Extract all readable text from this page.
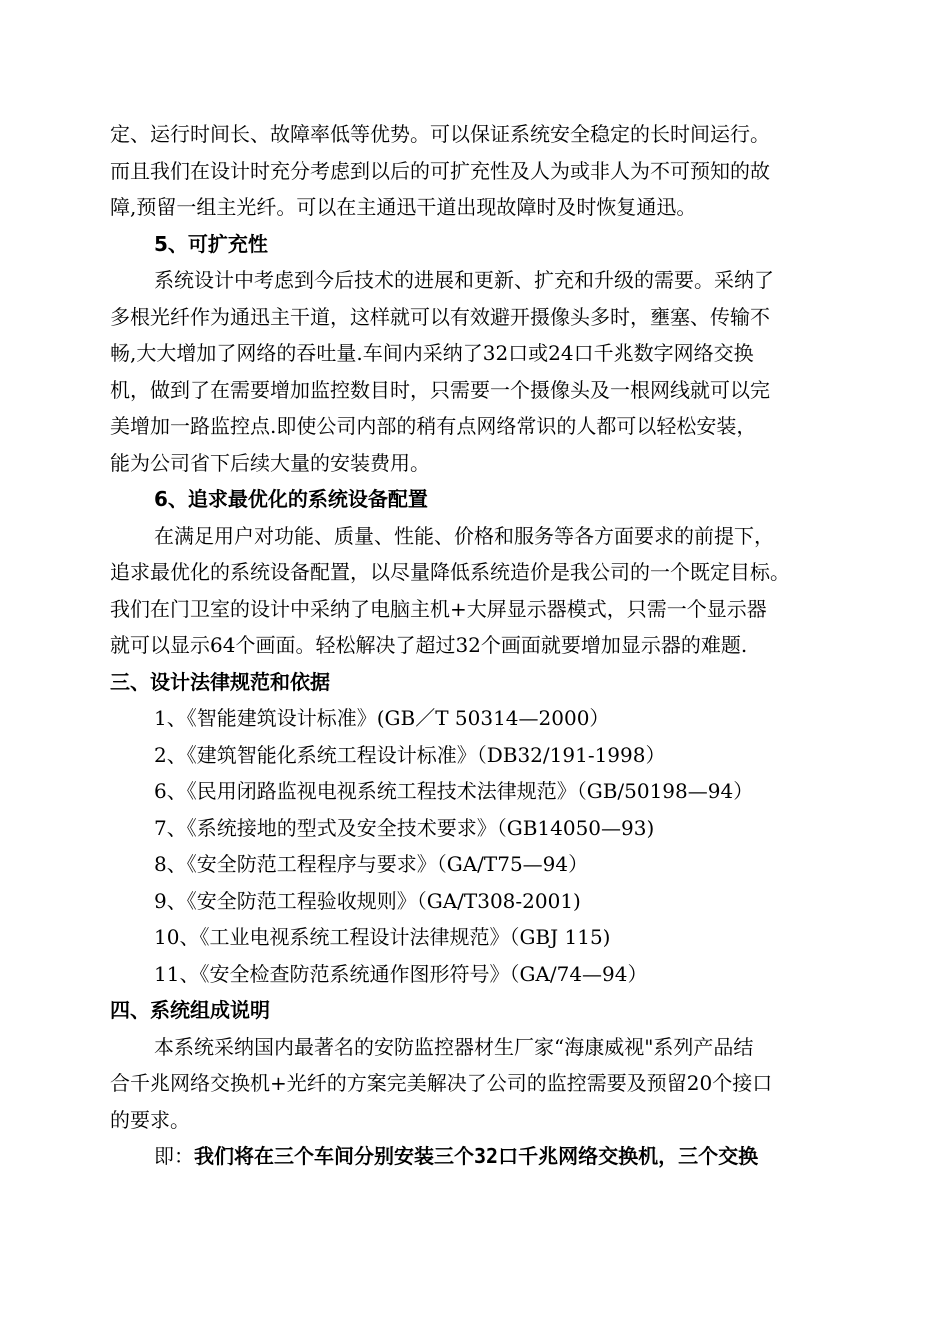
定、运行时间长、故障率低等优势。可以保证系统安全稳定的长时间运行。
而且我们在设计时充分考虑到以后的可扩充性及人为或非人为不可预知的故
障,预留一组主光纤。可以在主通迅干道出现故障时及时恢复通迅。
5、可扩充性
系统设计中考虑到今后技术的进展和更新、扩充和升级的需要。采纳了
多根光纤作为通迅主干道，这样就可以有效避开摄像头多时，壅塞、传输不
畅,大大增加了网络的吞吐量.车间内采纳了32口或24口千兆数字网络交换
机，做到了在需要增加监控数目时，只需要一个摄像头及一根网线就可以完
美增加一路监控点.即使公司内部的稍有点网络常识的人都可以轻松安装，
能为公司省下后续大量的安装费用。
6、追求最优化的系统设备配置
在满足用户对功能、质量、性能、价格和服务等各方面要求的前提下，
追求最优化的系统设备配置，以尽量降低系统造价是我公司的一个既定目标。
我们在门卫室的设计中采纳了电脑主机+大屏显示器模式，只需一个显示器
就可以显示64个画面。轻松解决了超过32个画面就要增加显示器的难题.
三、设计法律规范和依据
1、《智能建筑设计标准》(GB／T 50314—2000）
2、《建筑智能化系统工程设计标准》（DB32/191-1998）
6、《民用闭路监视电视系统工程技术法律规范》（GB/50198—94）
7、《系统接地的型式及安全技术要求》（GB14050—93)
8、《安全防范工程程序与要求》（GA/T75—94）
9、《安全防范工程验收规则》（GA/T308-2001)
10、《工业电视系统工程设计法律规范》（GBJ 115)
11、《安全检查防范系统通作图形符号》（GA/74—94）
四、系统组成说明
本系统采纳国内最著名的安防监控器材生厂家“海康威视"系列产品结
合千兆网络交换机+光纤的方案完美解决了公司的监控需要及预留20个接口
的要求。
即：我们将在三个车间分别安装三个32口千兆网络交换机，三个交换
